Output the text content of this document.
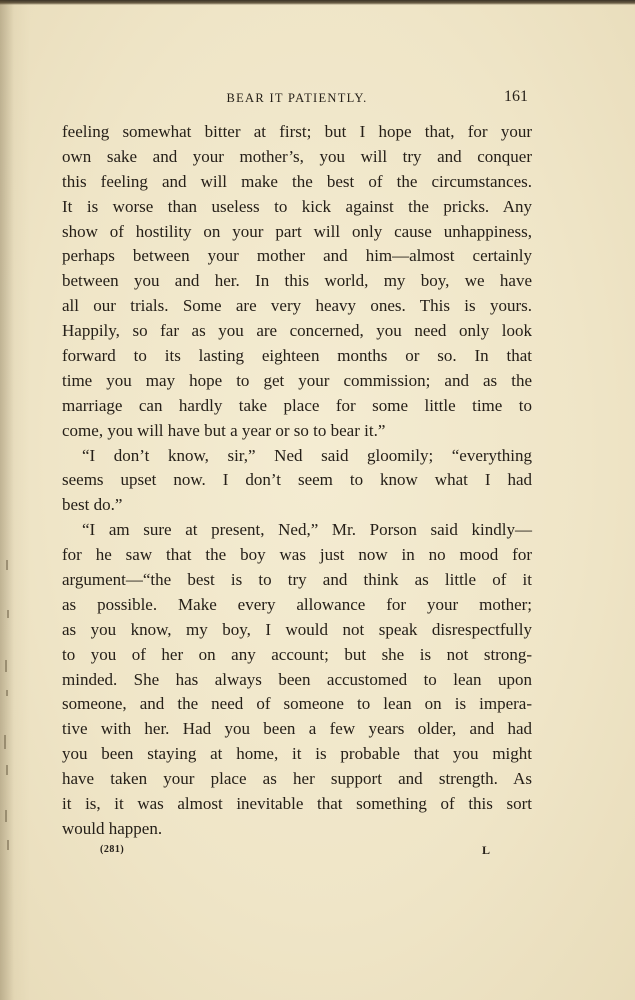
BEAR IT PATIENTLY.	161
feeling somewhat bitter at first; but I hope that, for your
own sake and your mother’s, you will try and conquer
this feeling and will make the best of the circumstances.
It is worse than useless to kick against the pricks. Any
show of hostility on your part will only cause unhappiness,
perhaps between your mother and him—almost certainly
between you and her. In this world, my boy, we have
all our trials. Some are very heavy ones. This is yours.
Happily, so far as you are concerned, you need only look
forward to its lasting eighteen months or so. In that
time you may hope to get your commission; and as the
marriage can hardly take place for some little time to
come, you will have but a year or so to bear it.”
“I don’t know, sir,” Ned said gloomily; “everything
seems upset now. I don’t seem to know what I had
best do.”
“I am sure at present, Ned,” Mr. Porson said kindly—
for he saw that the boy was just now in no mood for
argument—“the best is to try and think as little of it
as possible. Make every allowance for your mother;
as you know, my boy, I would not speak disrespectfully
to you of her on any account; but she is not strong-
minded. She has always been accustomed to lean upon
someone, and the need of someone to lean on is impera-
tive with her. Had you been a few years older, and had
you been staying at home, it is probable that you might
have taken your place as her support and strength. As
it is, it was almost inevitable that something of this sort
would happen.
(281)	L
